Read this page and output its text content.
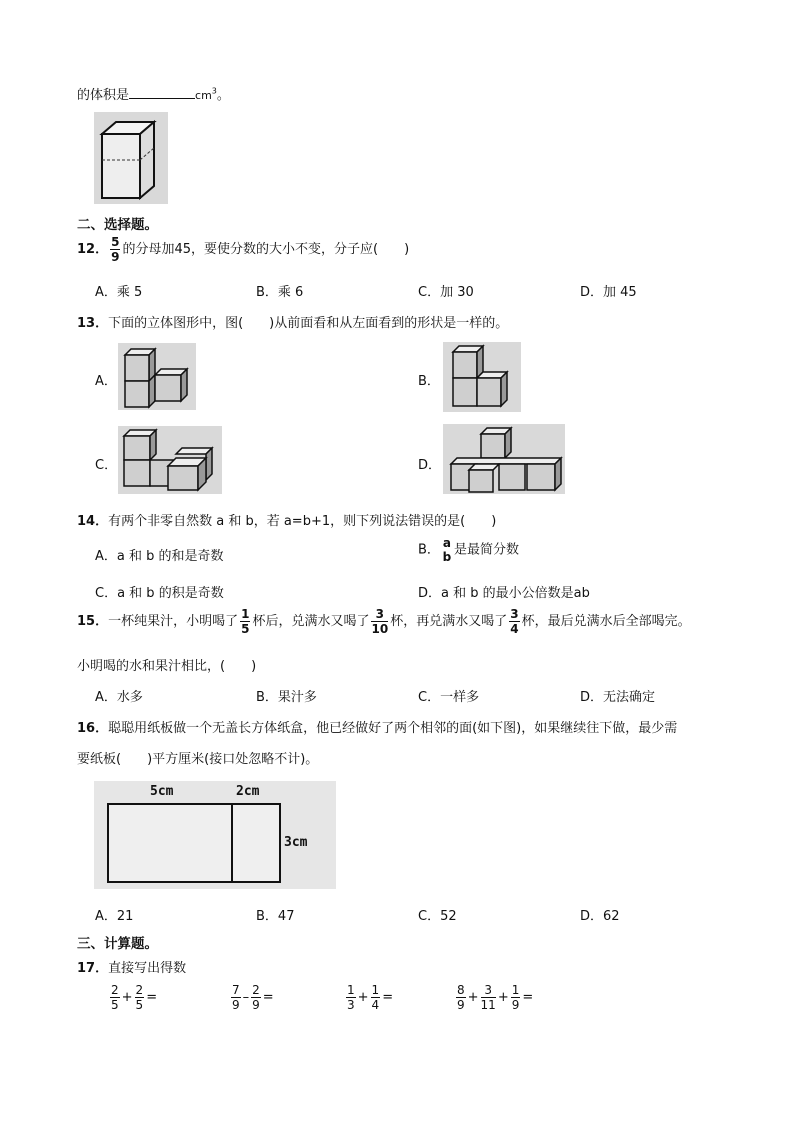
的体积是	$cm^3$。
二、选择题。
12． $\frac{5}{9}$ 的分母加45，要使分数的大小不变，分子应(　　)
A．乘 5	B．乘 6	C．加 30	D．加 45
13．下面的立体图形中，图(　　)从前面看和从左面看到的形状是一样的。
A．	B．
C．	D．
14．有两个非零自然数 a 和 b，若 a=b+1，则下列说法错误的是(　　)
A．a 和 b 的和是奇数	B． a
b 是最简分数
C．a 和 b 的积是奇数	D．a 和 b 的最小公倍数是ab
15．一杯纯果汁，小明喝了 $\frac{1}{5}$ 杯后，兑满水又喝了 $\frac{3}{10}$ 杯，再兑满水又喝了 $\frac{3}{4}$ 杯，最后兑满水后全部喝完。
小明喝的水和果汁相比，(　　)
A．水多	B．果汁多	C．一样多	D．无法确定
16．聪聪用纸板做一个无盖长方体纸盒，他已经做好了两个相邻的面(如下图)，如果继续往下做，最少需
要纸板(　　)平方厘米(接口处忽略不计)。
5cm	2cm
3cm
A．21	B．47	C．52	D．62
三、计算题。
17．直接写出得数
$\frac{2}{5} + \frac{2}{5}$ =	$\frac{7}{9} - \frac{2}{9}$ =	$\frac{1}{3} + \frac{1}{4}$ =	$\frac{8}{9} + \frac{3}{11} + \frac{1}{9}$ =
